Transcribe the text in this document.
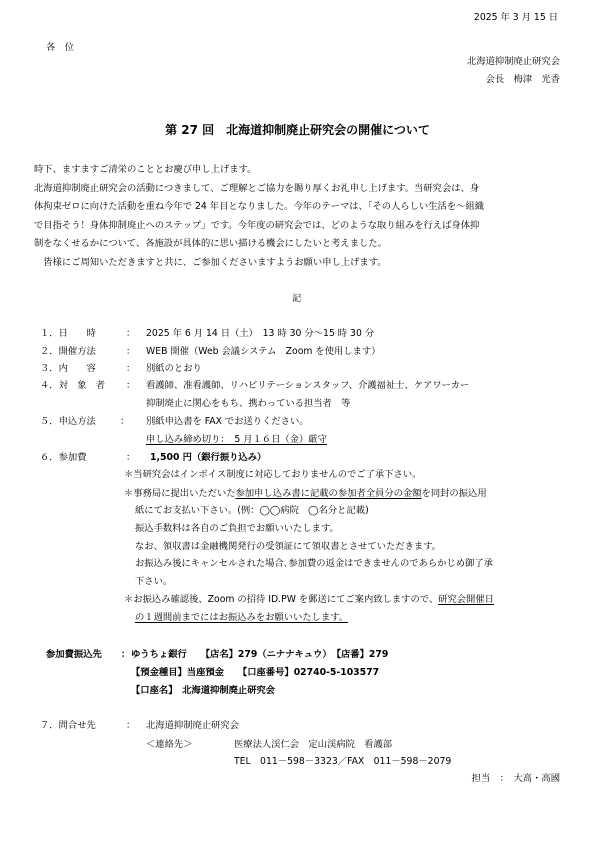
2025 年 3 月 15 日
各　位
北海道抑制廃止研究会
会長　梅津　光香
第 27 回　北海道抑制廃止研究会の開催について
時下、ますますご清栄のこととお慶び申し上げます。
北海道抑制廃止研究会の活動につきまして、ご理解とご協力を賜り厚くお礼申し上げます。当研究会は、身
体拘束ゼロに向けた活動を重ね今年で 24 年目となりました。今年のテーマは、「その人らしい生活を～組織
で目指そう！身体抑制廃止へのステップ」です。今年度の研究会では、どのような取り組みを行えば身体抑
制をなくせるかについて、各施設が具体的に思い描ける機会にしたいと考えました。
　皆様にご周知いただきますと共に、ご参加くださいますようお願い申し上げます。
記
１．日　　時	： 2025 年 6 月 14 日（土）　13 時 30 分～15 時 30 分
２．開催方法	： WEB 開催（Web 会議システム　Zoom を使用します）
３．内　　容	： 別紙のとおり
４．対　象　者 ： 看護師、准看護師、リハビリテーションスタッフ、介護福祉士、ケアワーカー
抑制廃止に関心をもち、携わっている担当者　等
５．申込方法	： 別紙申込書を FAX でお送りください。
申し込み締め切り：　5 月１６日（金）厳守
６．参加費	： 1,500 円（銀行振り込み）
＊当研究会はインボイス制度に対応しておりませんのでご了承下さい。
＊事務局に提出いただいた参加申し込み書に記載の参加者全員分の金額を同封の振込用
紙にてお支払い下さい。(例：◯◯病院　◯名分と記載)
振込手数料は各自のご負担でお願いいたします。
なお、領収書は金融機関発行の受領証にて領収書とさせていただきます。
お振込み後にキャンセルされた場合､参加費の返金はできませんのであらかじめ御了承
下さい。
＊お振込み確認後、Zoom の招待 ID.PW を郵送にてご案内致しますので、研究会開催日
の１週間前までにはお振込みをお願いいたします。
参加費振込先 ： ゆうちょ銀行　　【店名】279（ニナナキュウ）　【店番】279
【預金種目】当座預金　　【口座番号】02740-5-103577
【口座名】　北海道抑制廃止研究会
７．問合せ先	： 北海道抑制廃止研究会
＜連絡先＞	医療法人渓仁会　定山渓病院　看護部
TEL　011－598－3323／FAX　011－598－2079
担当　：　大高・高國
